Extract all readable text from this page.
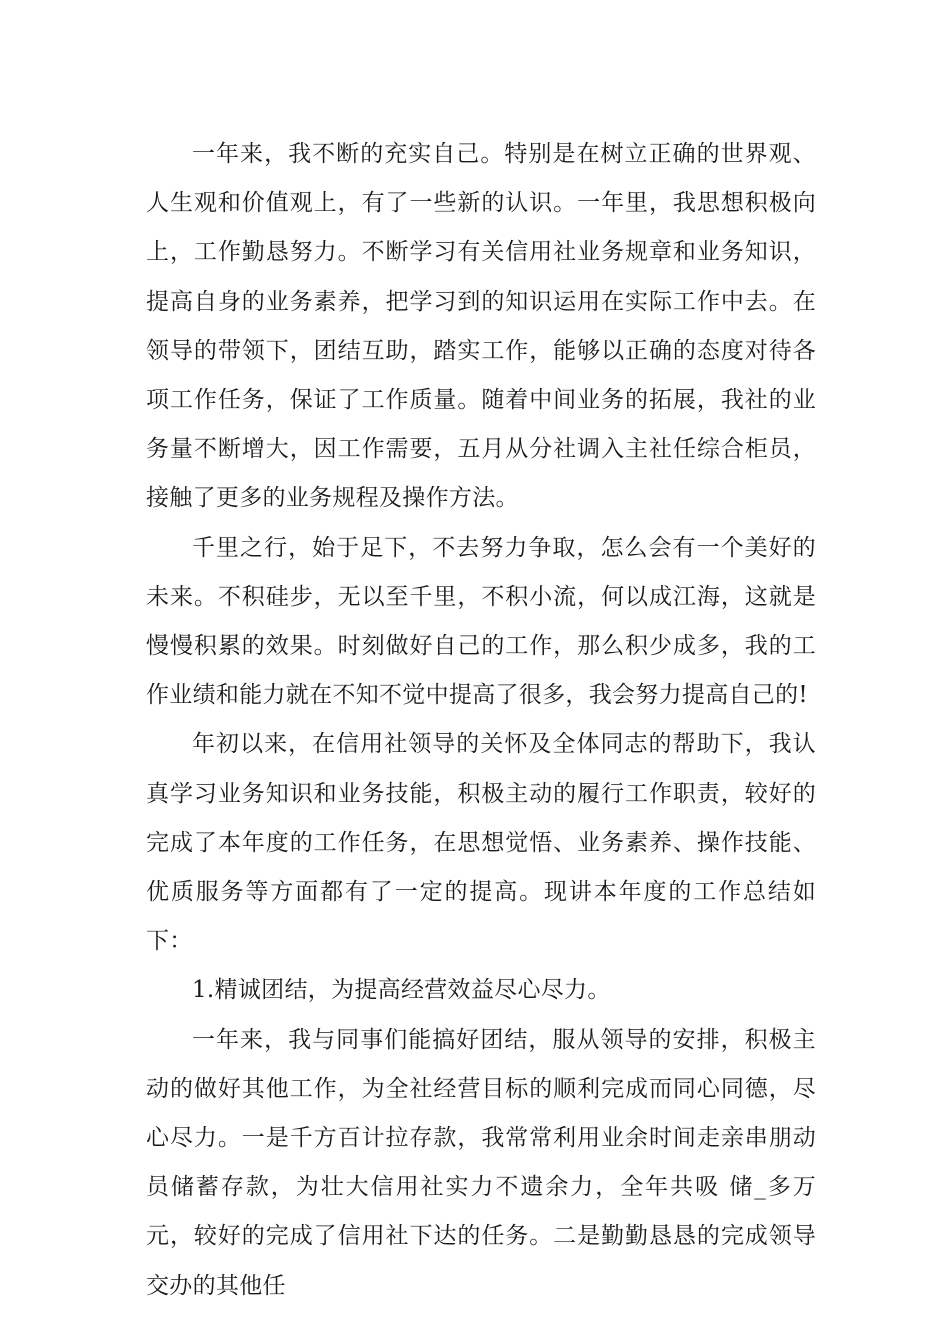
一年来，我不断的充实自己。特别是在树立正确的世界观、人生观和价值观上，有了一些新的认识。一年里，我思想积极向上，工作勤恳努力。不断学习有关信用社业务规章和业务知识，提高自身的业务素养，把学习到的知识运用在实际工作中去。在领导的带领下，团结互助，踏实工作，能够以正确的态度对待各项工作任务，保证了工作质量。随着中间业务的拓展，我社的业务量不断增大，因工作需要，五月从分社调入主社任综合柜员，接触了更多的业务规程及操作方法。

千里之行，始于足下，不去努力争取，怎么会有一个美好的未来。不积硅步，无以至千里，不积小流，何以成江海，这就是慢慢积累的效果。时刻做好自己的工作，那么积少成多，我的工作业绩和能力就在不知不觉中提高了很多，我会努力提高自己的!

年初以来，在信用社领导的关怀及全体同志的帮助下，我认真学习业务知识和业务技能，积极主动的履行工作职责，较好的完成了本年度的工作任务，在思想觉悟、业务素养、操作技能、优质服务等方面都有了一定的提高。现讲本年度的工作总结如下：

1.精诚团结，为提高经营效益尽心尽力。

一年来，我与同事们能搞好团结，服从领导的安排，积极主动的做好其他工作，为全社经营目标的顺利完成而同心同德，尽心尽力。一是千方百计拉存款，我常常利用业余时间走亲串朋动员储蓄存款，为壮大信用社实力不遗余力，全年共吸 储_多万元，较好的完成了信用社下达的任务。二是勤勤恳恳的完成领导交办的其他任
